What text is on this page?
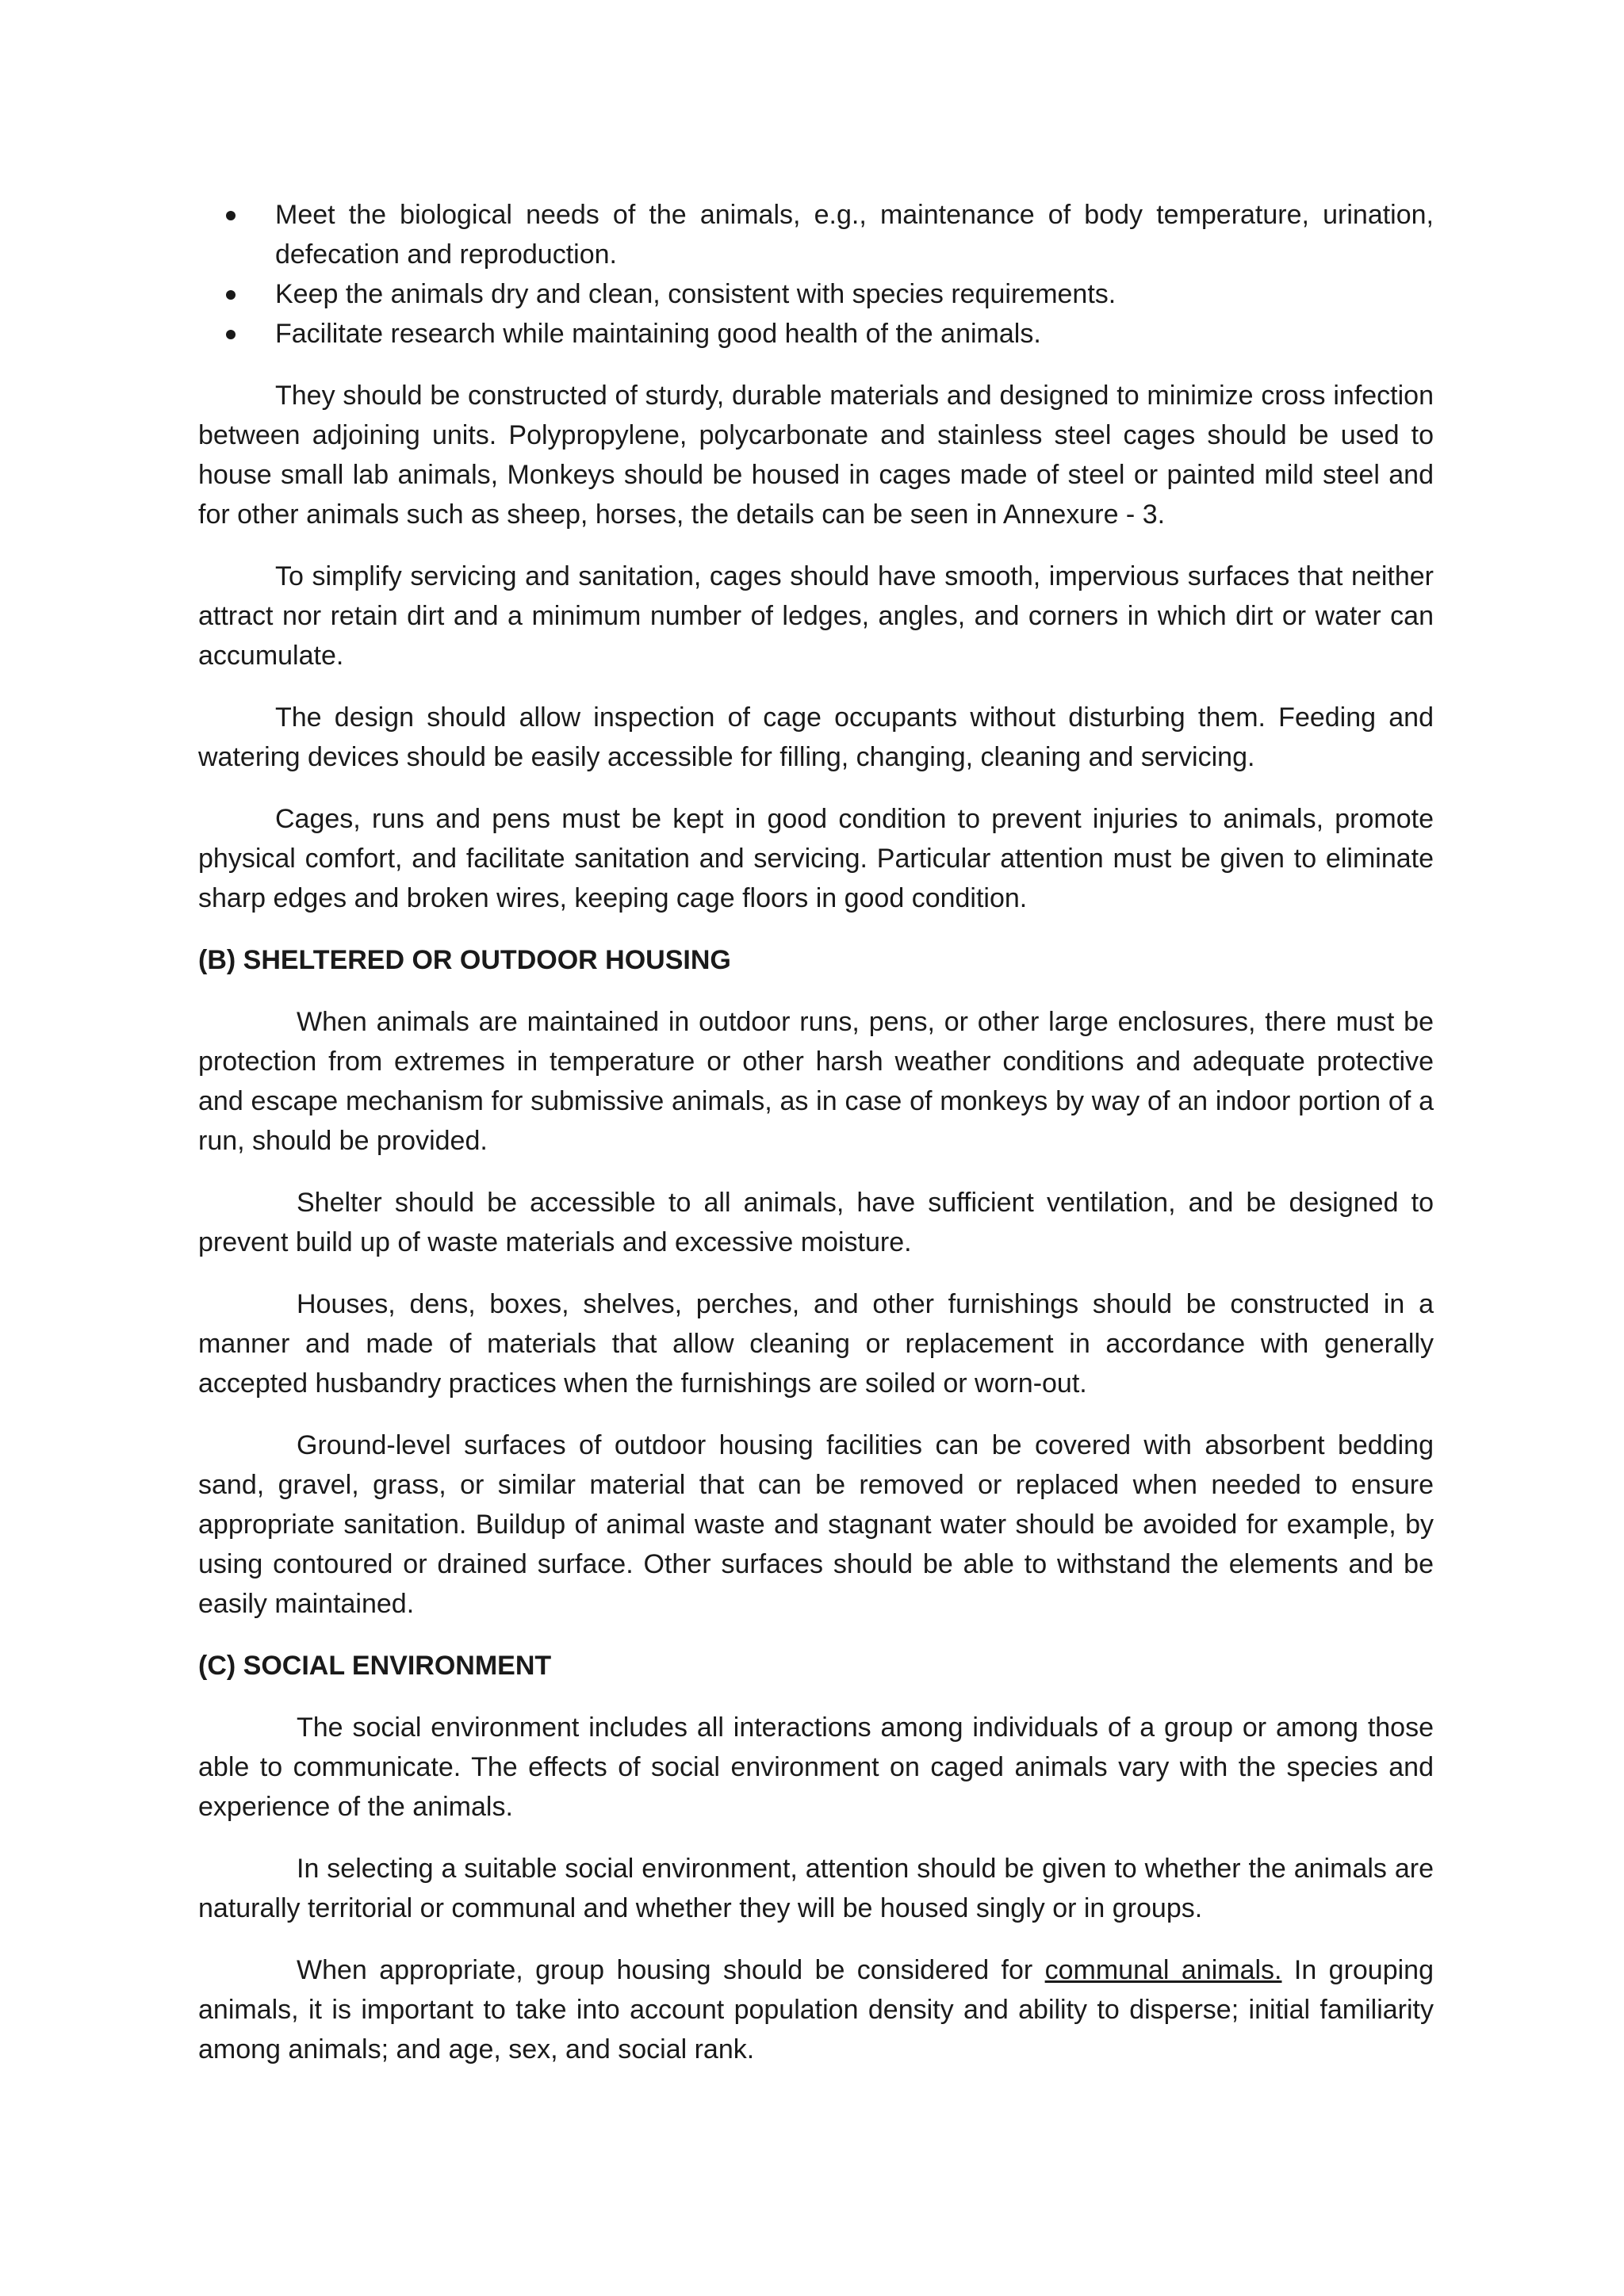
Meet the biological needs of the animals, e.g., maintenance of body temperature, urination, defecation and reproduction.
Keep the animals dry and clean, consistent with species requirements.
Facilitate research while maintaining good health of the animals.

They should be constructed of sturdy, durable materials and designed to minimize cross infection between adjoining units. Polypropylene, polycarbonate and stainless steel cages should be used to house small lab animals, Monkeys should be housed in cages made of steel or painted mild steel and for other animals such as sheep, horses, the details can be seen in Annexure - 3.

To simplify servicing and sanitation, cages should have smooth, impervious surfaces that neither attract nor retain dirt and a minimum number of ledges, angles, and corners in which dirt or water can accumulate.

The design should allow inspection of cage occupants without disturbing them. Feeding and watering devices should be easily accessible for filling, changing, cleaning and servicing.

Cages, runs and pens must be kept in good condition to prevent injuries to animals, promote physical comfort, and facilitate sanitation and servicing. Particular attention must be given to eliminate sharp edges and broken wires, keeping cage floors in good condition.

(B) SHELTERED OR OUTDOOR HOUSING

When animals are maintained in outdoor runs, pens, or other large enclosures, there must be protection from extremes in temperature or other harsh weather conditions and adequate protective and escape mechanism for submissive animals, as in case of monkeys by way of an indoor portion of a run, should be provided.

Shelter should be accessible to all animals, have sufficient ventilation, and be designed to prevent build up of waste materials and excessive moisture.

Houses, dens, boxes, shelves, perches, and other furnishings should be constructed in a manner and made of materials that allow cleaning or replacement in accordance with generally accepted husbandry practices when the furnishings are soiled or worn-out.

Ground-level surfaces of outdoor housing facilities can be covered with absorbent bedding sand, gravel, grass, or similar material that can be removed or replaced when needed to ensure appropriate sanitation. Buildup of animal waste and stagnant water should be avoided for example, by using contoured or drained surface. Other surfaces should be able to withstand the elements and be easily maintained.

(C) SOCIAL ENVIRONMENT

The social environment includes all interactions among individuals of a group or among those able to communicate. The effects of social environment on caged animals vary with the species and experience of the animals.

In selecting a suitable social environment, attention should be given to whether the animals are naturally territorial or communal and whether they will be housed singly or in groups.

When appropriate, group housing should be considered for communal animals. In grouping animals, it is important to take into account population density and ability to disperse; initial familiarity among animals; and age, sex, and social rank.
